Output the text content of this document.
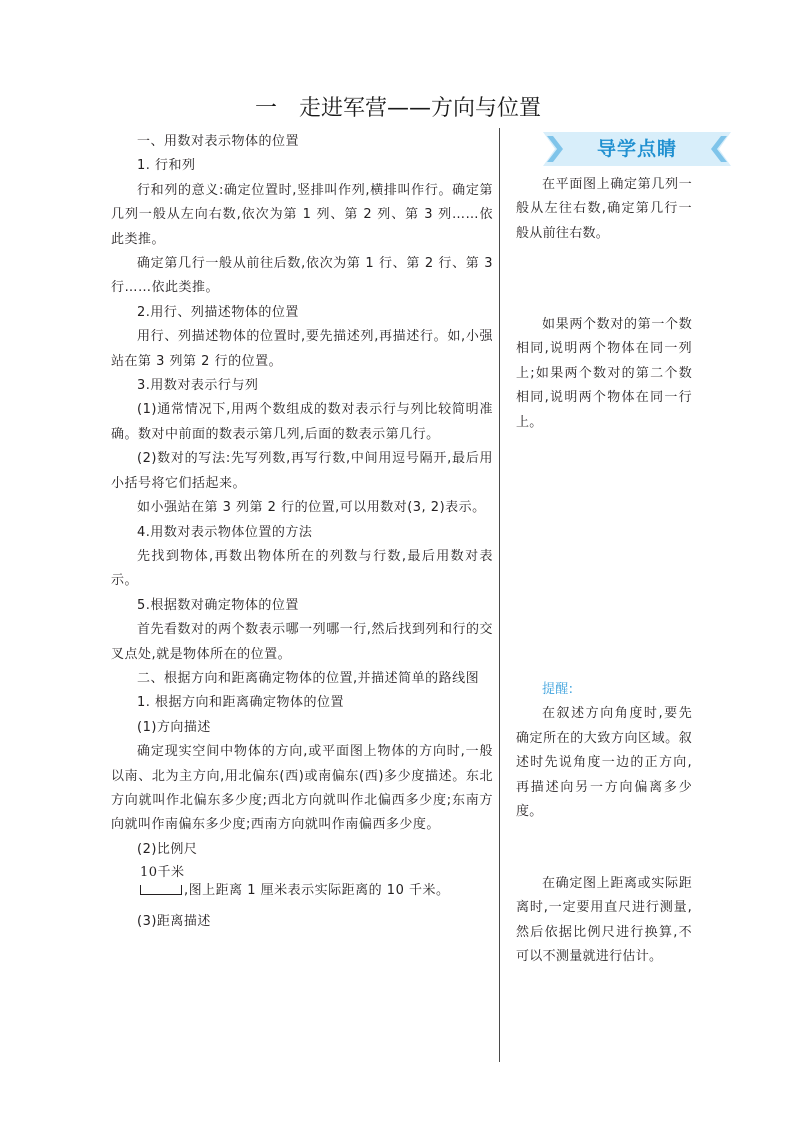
一　走进军营——方向与位置

一、用数对表示物体的位置

1. 行和列

行和列的意义:确定位置时,竖排叫作列,横排叫作行。确定第几列一般从左向右数,依次为第 1 列、第 2 列、第 3 列……依此类推。

确定第几行一般从前往后数,依次为第 1 行、第 2 行、第 3 行……依此类推。

2.用行、列描述物体的位置

用行、列描述物体的位置时,要先描述列,再描述行。如,小强站在第 3 列第 2 行的位置。

3.用数对表示行与列

(1)通常情况下,用两个数组成的数对表示行与列比较简明准确。数对中前面的数表示第几列,后面的数表示第几行。

(2)数对的写法:先写列数,再写行数,中间用逗号隔开,最后用小括号将它们括起来。

如小强站在第 3 列第 2 行的位置,可以用数对(3, 2)表示。

4.用数对表示物体位置的方法

先找到物体,再数出物体所在的列数与行数,最后用数对表示。

5.根据数对确定物体的位置

首先看数对的两个数表示哪一列哪一行,然后找到列和行的交叉点处,就是物体所在的位置。

二、根据方向和距离确定物体的位置,并描述简单的路线图

1. 根据方向和距离确定物体的位置

(1)方向描述

确定现实空间中物体的方向,或平面图上物体的方向时,一般以南、北为主方向,用北偏东(西)或南偏东(西)多少度描述。东北方向就叫作北偏东多少度;西北方向就叫作北偏西多少度;东南方向就叫作南偏东多少度;西南方向就叫作南偏西多少度。

(2)比例尺

10千米
,图上距离 1 厘米表示实际距离的 10 千米。

(3)距离描述

导学点睛

在平面图上确定第几列一般从左往右数,确定第几行一般从前往右数。

如果两个数对的第一个数相同,说明两个物体在同一列上;如果两个数对的第二个数相同,说明两个物体在同一行上。

提醒:

在叙述方向角度时,要先确定所在的大致方向区域。叙述时先说角度一边的正方向,再描述向另一方向偏离多少度。

在确定图上距离或实际距离时,一定要用直尺进行测量,然后依据比例尺进行换算,不可以不测量就进行估计。
